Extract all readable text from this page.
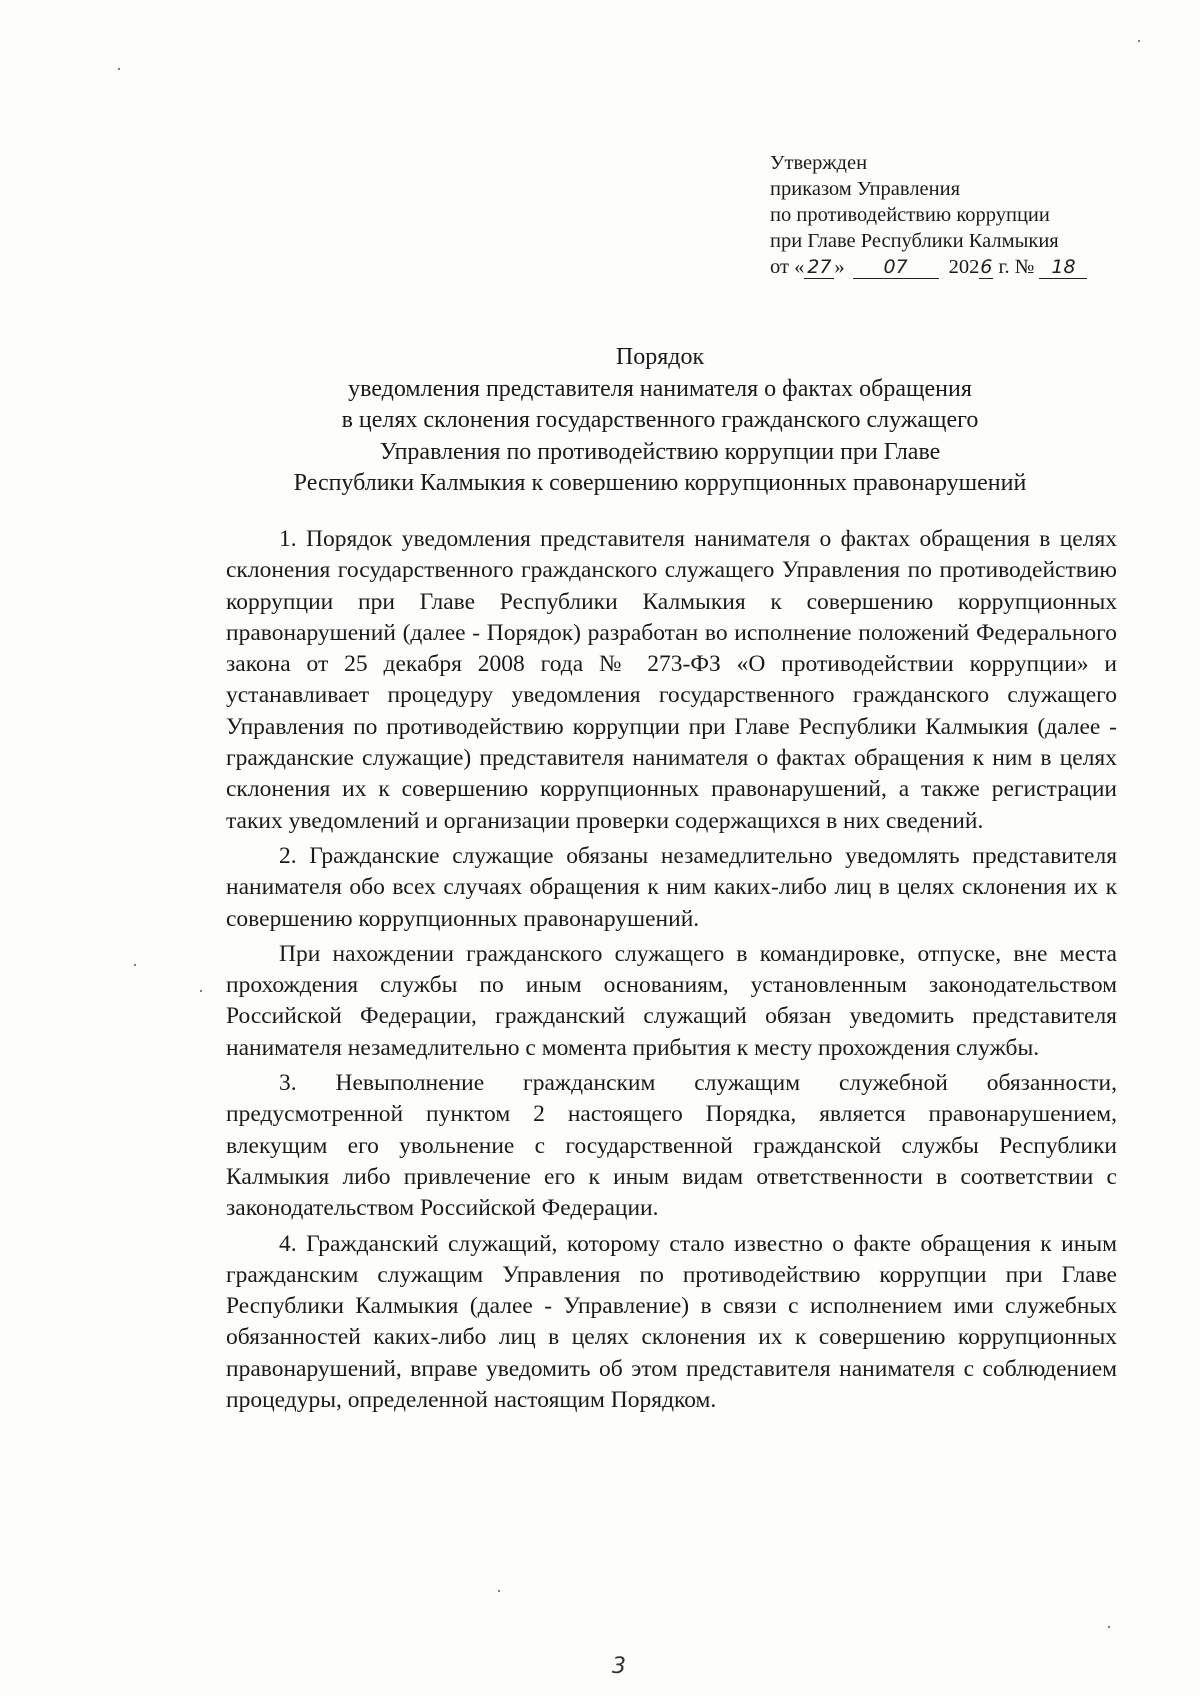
Утвержден
приказом Управления
по противодействию коррупции
при Главе Республики Калмыкия
от « 27 » 07 2026 г. № 18
Порядок
уведомления представителя нанимателя о фактах обращения
в целях склонения государственного гражданского служащего
Управления по противодействию коррупции при Главе
Республики Калмыкия к совершению коррупционных правонарушений

1. Порядок уведомления представителя нанимателя о фактах обращения в целях склонения государственного гражданского служащего Управления по противодействию коррупции при Главе Республики Калмыкия к совершению коррупционных правонарушений (далее - Порядок) разработан во исполнение положений Федерального закона от 25 декабря 2008 года № 273-ФЗ «О противодействии коррупции» и устанавливает процедуру уведомления государственного гражданского служащего Управления по противодействию коррупции при Главе Республики Калмыкия (далее - гражданские служащие) представителя нанимателя о фактах обращения к ним в целях склонения их к совершению коррупционных правонарушений, а также регистрации таких уведомлений и организации проверки содержащихся в них сведений.

2. Гражданские служащие обязаны незамедлительно уведомлять представителя нанимателя обо всех случаях обращения к ним каких-либо лиц в целях склонения их к совершению коррупционных правонарушений.

При нахождении гражданского служащего в командировке, отпуске, вне места прохождения службы по иным основаниям, установленным законодательством Российской Федерации, гражданский служащий обязан уведомить представителя нанимателя незамедлительно с момента прибытия к месту прохождения службы.

3. Невыполнение гражданским служащим служебной обязанности, предусмотренной пунктом 2 настоящего Порядка, является правонарушением, влекущим его увольнение с государственной гражданской службы Республики Калмыкия либо привлечение его к иным видам ответственности в соответствии с законодательством Российской Федерации.

4. Гражданский служащий, которому стало известно о факте обращения к иным гражданским служащим Управления по противодействию коррупции при Главе Республики Калмыкия (далее - Управление) в связи с исполнением ими служебных обязанностей каких-либо лиц в целях склонения их к совершению коррупционных правонарушений, вправе уведомить об этом представителя нанимателя с соблюдением процедуры, определенной настоящим Порядком.

3
